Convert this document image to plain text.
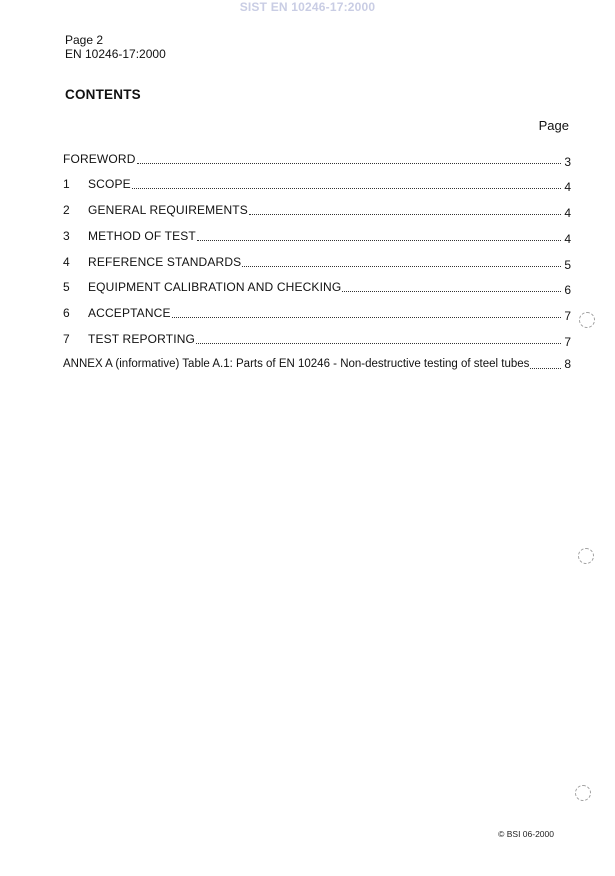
SIST EN 10246-17:2000
Page 2
EN 10246-17:2000
CONTENTS
Page
FOREWORD	3
1	SCOPE	4
2	GENERAL REQUIREMENTS	4
3	METHOD OF TEST	4
4	REFERENCE STANDARDS	5
5	EQUIPMENT CALIBRATION AND CHECKING	6
6	ACCEPTANCE	7
7	TEST REPORTING	7
ANNEX A (informative) Table A.1: Parts of EN 10246 - Non-destructive testing of steel tubes	8
© BSI 06-2000
